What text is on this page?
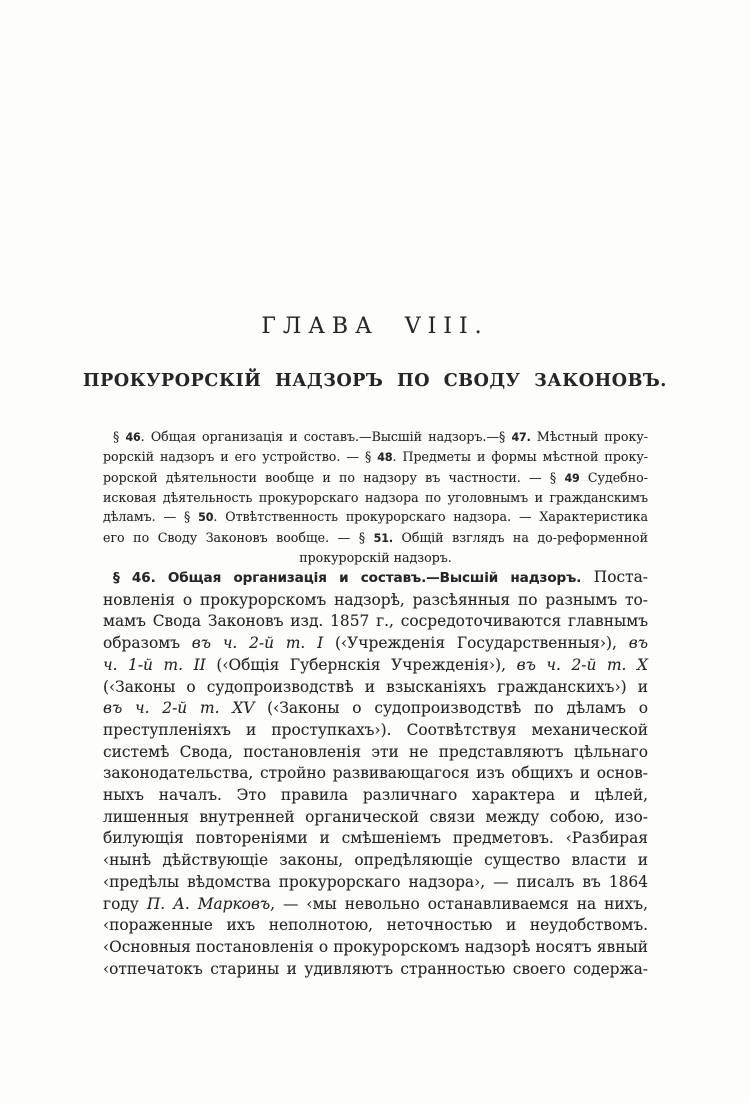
ГЛАВА VIII.
ПРОКУРОРСКІЙ НАДЗОРЪ ПО СВОДУ ЗАКОНОВЪ.
§ 46. Общая организація и составъ.—Высшій надзоръ.—§ 47. Мѣстный проку-
рорскій надзоръ и его устройство. — § 48. Предметы и формы мѣстной проку-
рорской дѣятельности вообще и по надзору въ частности. — § 49 Судебно-
исковая дѣятельность прокурорскаго надзора по уголовнымъ и гражданскимъ
дѣламъ. — § 50. Отвѣтственность прокурорскаго надзора. — Характеристика
его по Своду Законовъ вообще. — § 51. Общій взглядъ на до-реформенной
прокурорскій надзоръ.
§ 46. Общая организація и составъ.—Высшій надзоръ. Поста-
новленія о прокурорскомъ надзорѣ, разсѣянныя по разнымъ то-
мамъ Свода Законовъ изд. 1857 г., сосредоточиваются главнымъ
образомъ въ ч. 2-й т. I (‹Учрежденія Государственныя›), въ
ч. 1-й т. II (‹Общія Губернскія Учрежденія›), въ ч. 2-й т. X
(‹Законы о судопроизводствѣ и взысканіяхъ гражданскихъ›) и
въ ч. 2-й т. XV (‹Законы о судопроизводствѣ по дѣламъ о
преступленіяхъ и проступкахъ›). Соотвѣтствуя механической
системѣ Свода, постановленія эти не представляютъ цѣльнаго
законодательства, стройно развивающагося изъ общихъ и основ-
ныхъ началъ. Это правила различнаго характера и цѣлей,
лишенныя внутренней органической связи между собою, изо-
билующія повтореніями и смѣшеніемъ предметовъ. ‹Разбирая
‹нынѣ дѣйствующіе законы, опредѣляющіе существо власти и
‹предѣлы вѣдомства прокурорскаго надзора›, — писалъ въ 1864
году П. А. Марковъ, — ‹мы невольно останавливаемся на нихъ,
‹пораженные ихъ неполнотою, неточностью и неудобствомъ.
‹Основныя постановленія о прокурорскомъ надзорѣ носятъ явный
‹отпечатокъ старины и удивляютъ странностью своего содержа-
